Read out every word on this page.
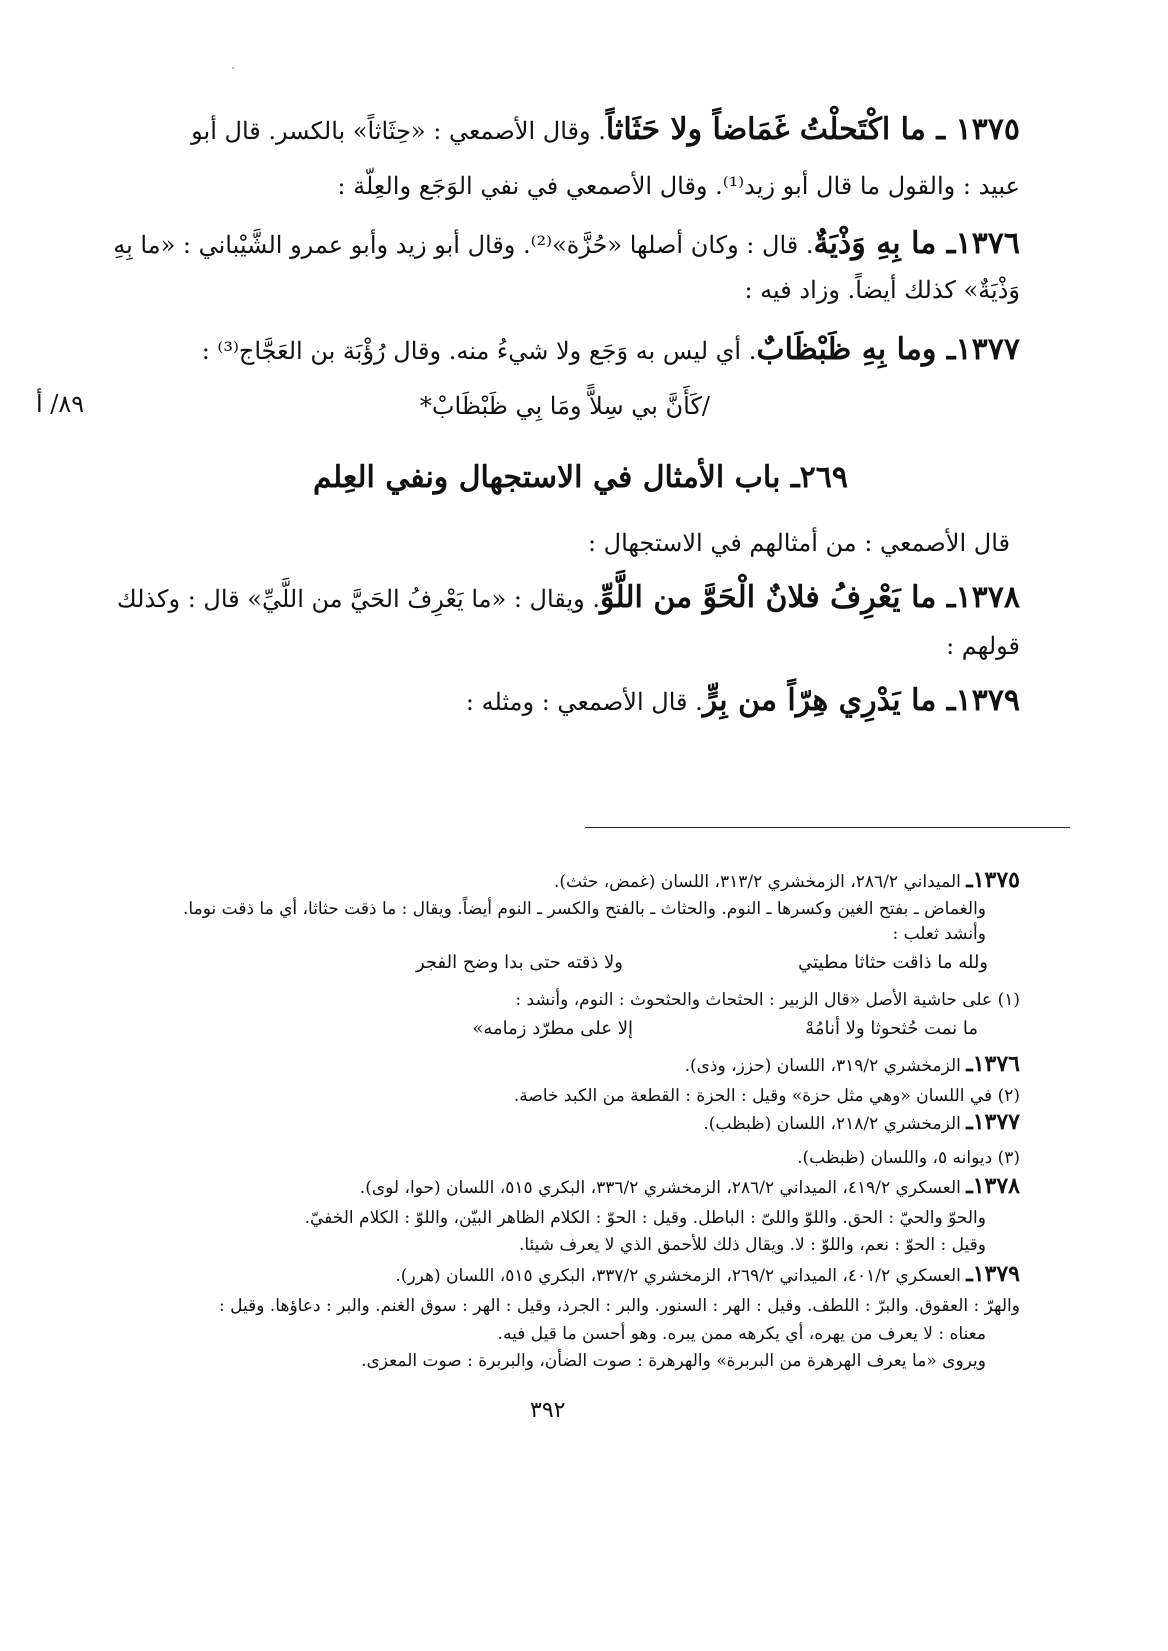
١٣٧٥ ـ ما اكْتَحلْتُ غَمَاضاً ولا حَثَاثاً. وقال الأصمعي : «حِثَاثاً» بالكسر. قال أبو
عبيد : والقول ما قال أبو زيد⁽¹⁾. وقال الأصمعي في نفي الوَجَع والعِلّة :
١٣٧٦ـ ما بِهِ وَذْيَةٌ. قال : وكان أصلها «حُزَّة»⁽²⁾. وقال أبو زيد وأبو عمرو الشَّيْباني : «ما بِهِ
وَذْيَةٌ» كذلك أيضاً. وزاد فيه :
١٣٧٧ـ وما بِهِ ظَبْظَابٌ. أي ليس به وَجَع ولا شيءُ منه. وقال رُؤْبَة بن العَجَّاج⁽³⁾ :
/كَأَنَّ بي سِلاًّ ومَا بِي ظَبْظَابْ*
٨٩/ أ
٢٦٩ـ باب الأمثال في الاستجهال ونفي العِلم
قال الأصمعي : من أمثالهم في الاستجهال :
١٣٧٨ـ ما يَعْرِفُ فلانٌ الْحَوَّ من اللَّوِّ. ويقال : «ما يَعْرِفُ الحَيَّ من اللَّيِّ» قال : وكذلك
قولهم :
١٣٧٩ـ ما يَدْرِي هِرّاً من بِرٍّ. قال الأصمعي : ومثله :
١٣٧٥ـ الميداني ٢٨٦/٢، الزمخشري ٣١٣/٢، اللسان (غمض، حثث).
والغماض ـ بفتح الغين وكسرها ـ النوم. والحثاث ـ بالفتح والكسر ـ النوم أيضاً. ويقال : ما ذقت حثاثا، أي ما ذقت نوما.
وأنشد ثعلب :
ولله ما ذاقت حثاثا مطيتي
ولا ذقته حتى بدا وضح الفجر
(١) على حاشية الأصل «قال الزبير : الحثحاث والحثحوث : النوم، وأنشد :
ما نمت حُثحوثا ولا أنامُهْ
إلا على مطرّد زمامه»
١٣٧٦ـ الزمخشري ٣١٩/٢، اللسان (حزز، وذى).
(٢) في اللسان «وهي مثل حزة» وقيل : الحزة : القطعة من الكبد خاصة.
١٣٧٧ـ الزمخشري ٢١٨/٢، اللسان (ظبظب).
(٣) ديوانه ٥، واللسان (ظبظب).
١٣٧٨ـ العسكري ٤١٩/٢، الميداني ٢٨٦/٢، الزمخشري ٣٣٦/٢، البكري ٥١٥، اللسان (حوا، لوى).
والحوّ والحيّ : الحق. واللوّ واللىّ : الباطل. وقيل : الحوّ : الكلام الظاهر البيّن، واللوّ : الكلام الخفيّ.
وقيل : الحوّ : نعم، واللوّ : لا. ويقال ذلك للأحمق الذي لا يعرف شيئا.
١٣٧٩ـ العسكري ٤٠١/٢، الميداني ٢٦٩/٢، الزمخشري ٣٣٧/٢، البكري ٥١٥، اللسان (هرر).
والهرّ : العقوق. والبرّ : اللطف. وقيل : الهر : السنور. والبر : الجرذ، وقيل : الهر : سوق الغنم. والبر : دعاؤها. وقيل :
معناه : لا يعرف من يهره، أي يكرهه ممن يبره. وهو أحسن ما قيل فيه.
ويروى «ما يعرف الهرهرة من البربرة» والهرهرة : صوت الضأن، والبربرة : صوت المعزى.
٣٩٢
